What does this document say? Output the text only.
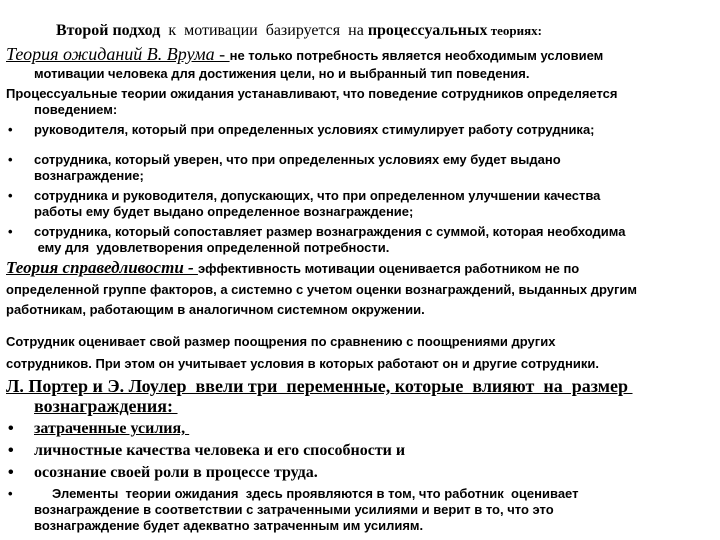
Второй подход  к  мотивации  базируется  на процессуальных теориях:
Теория ожиданий В. Врума - не только потребность является необходимым условием
мотивации человека для достижения цели, но и выбранный тип поведения.
Процессуальные теории ожидания устанавливают, что поведение сотрудников определяется
поведением:
• руководителя, который при определенных условиях стимулирует работу сотрудника;
• сотрудника, который уверен, что при определенных условиях ему будет выдано
вознаграждение;
• сотрудника и руководителя, допускающих, что при определенном улучшении качества
работы ему будет выдано определенное вознаграждение;
• сотрудника, который сопоставляет размер вознаграждения с суммой, которая необходима
ему для  удовлетворения определенной потребности.
Теория справедливости - эффективность мотивации оценивается работником не по
определенной группе факторов, а системно с учетом оценки вознаграждений, выданных другим
работникам, работающим в аналогичном системном окружении.
Сотрудник оценивает свой размер поощрения по сравнению с поощрениями других
сотрудников. При этом он учитывает условия в которых работают он и другие сотрудники.
Л. Портер и Э. Лоулер  ввели три  переменные, которые  влияют  на  размер
вознаграждения:
• затраченные усилия,
• личностные качества человека и его способности и
• осознание своей роли в процессе труда.
• Элементы  теории ожидания  здесь проявляются в том, что работник  оценивает
вознаграждение в соответствии с затраченными усилиями и верит в то, что это
вознаграждение будет адекватно затраченным им усилиям.
